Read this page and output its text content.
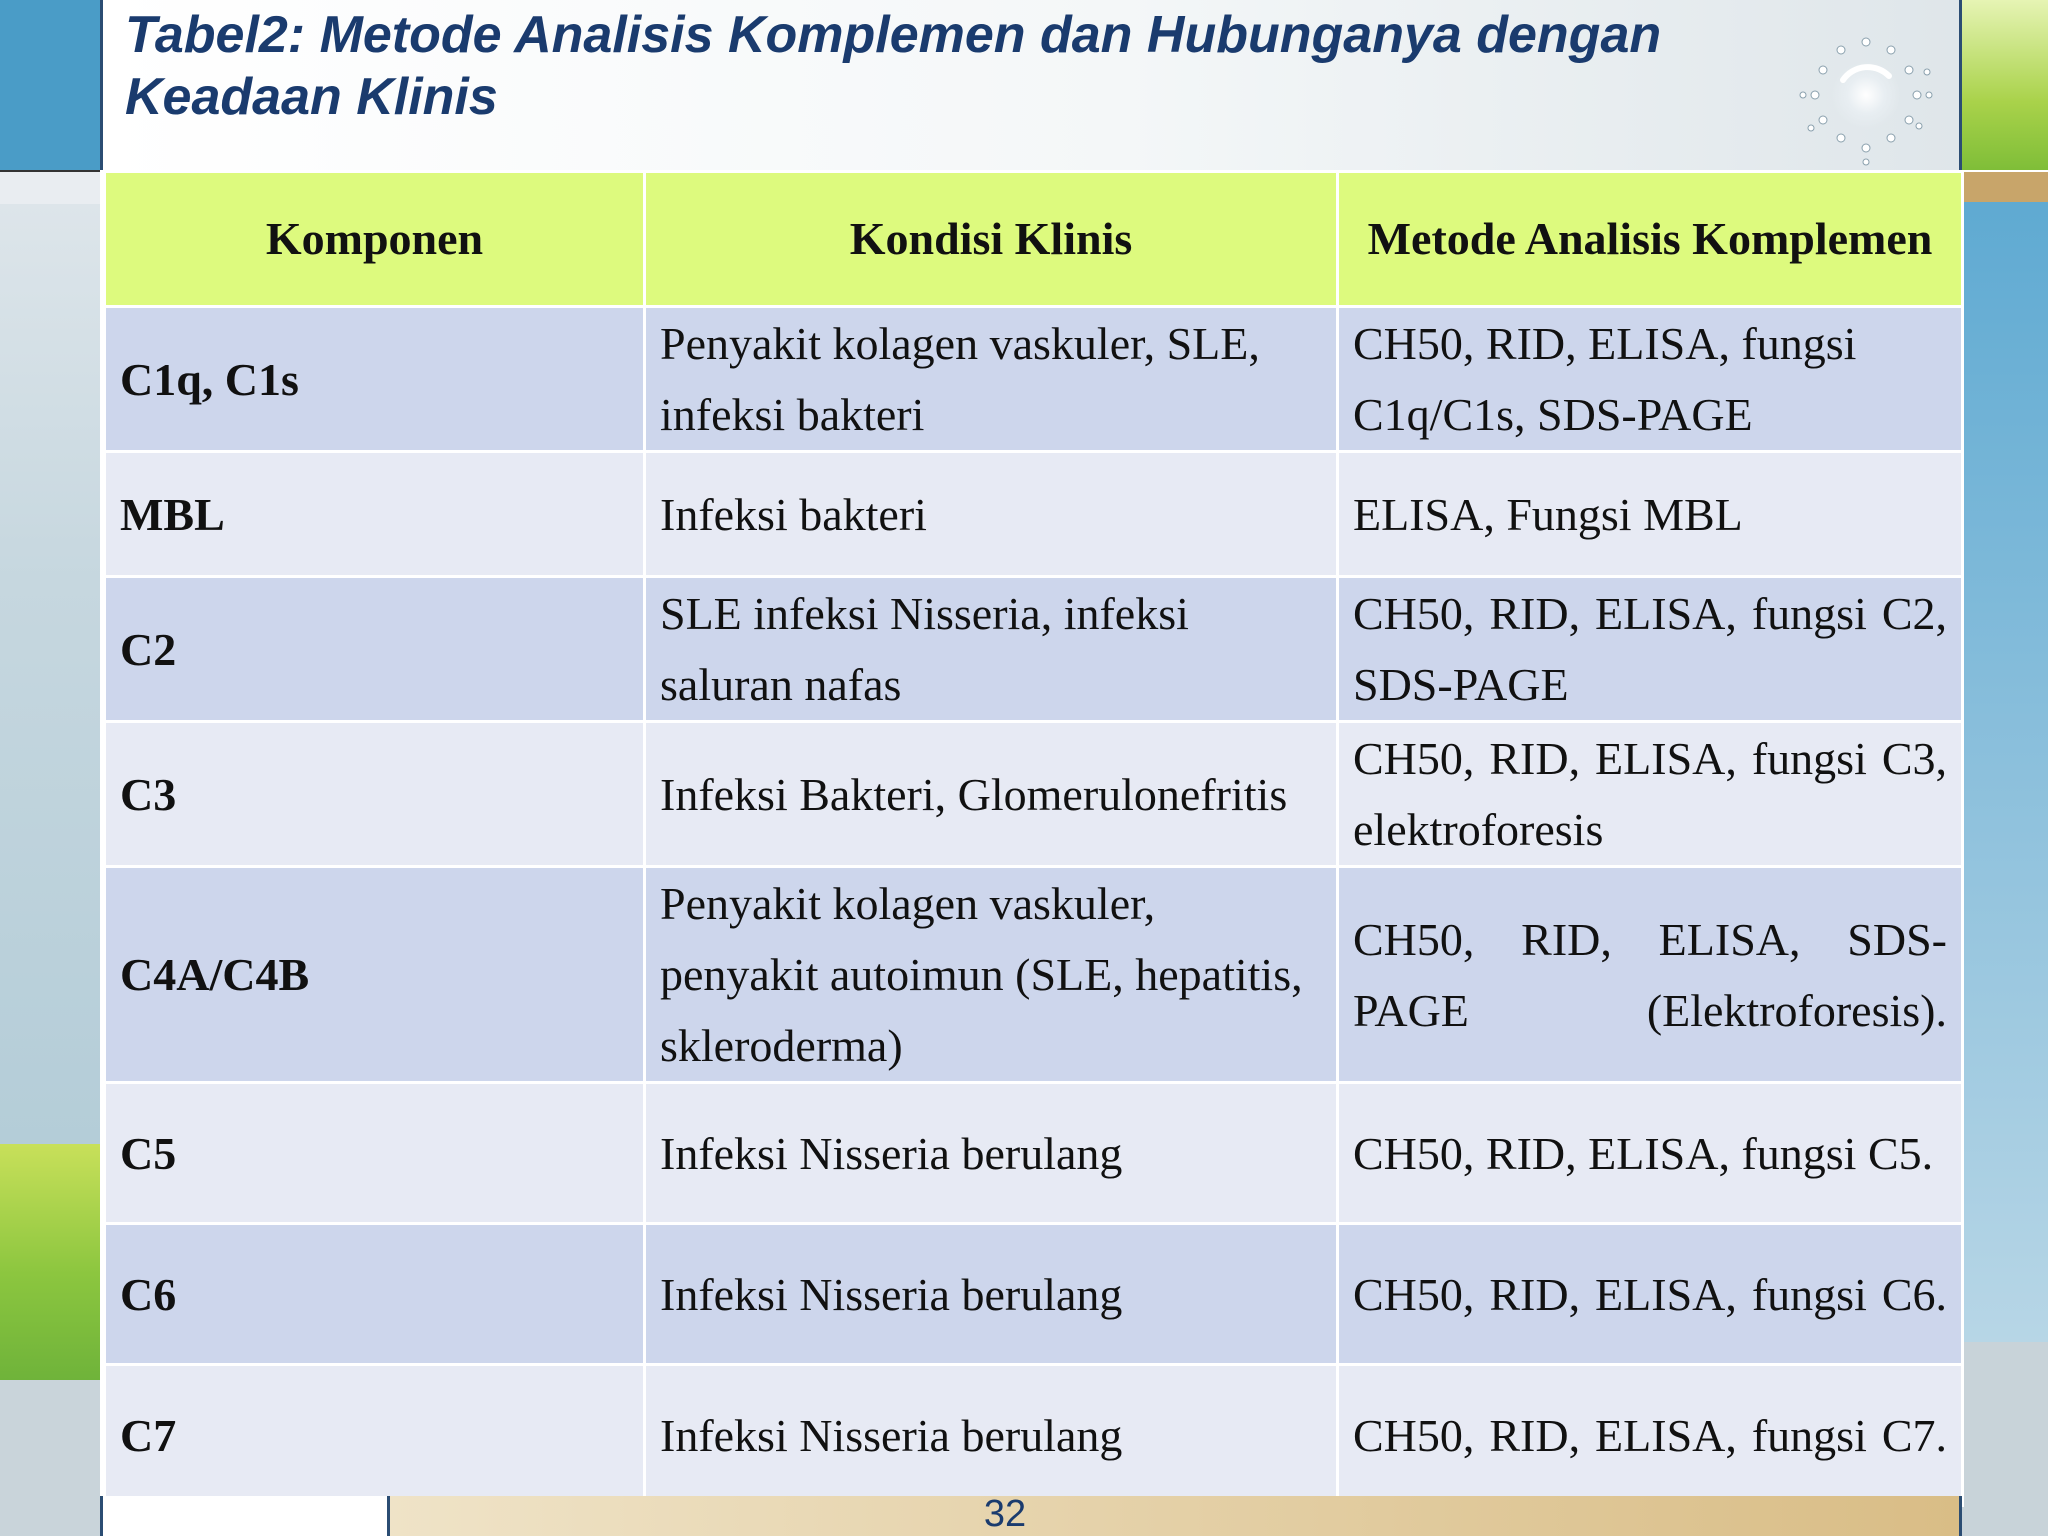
Tabel2: Metode Analisis Komplemen dan Hubunganya dengan Keadaan Klinis
Komponen	Kondisi Klinis	Metode Analisis Komplemen
C1q, C1s	Penyakit kolagen vaskuler, SLE, infeksi bakteri	CH50, RID, ELISA, fungsi C1q/C1s, SDS-PAGE
MBL	Infeksi bakteri	ELISA, Fungsi MBL
C2	SLE infeksi Nisseria, infeksi saluran nafas	CH50, RID, ELISA, fungsi C2, SDS-PAGE
C3	Infeksi Bakteri, Glomerulonefritis	CH50, RID, ELISA, fungsi C3, elektroforesis
C4A/C4B	Penyakit kolagen vaskuler, penyakit autoimun (SLE, hepatitis, skleroderma)	CH50, RID, ELISA, SDS-PAGE (Elektroforesis).
C5	Infeksi Nisseria berulang	CH50, RID, ELISA, fungsi C5.
C6	Infeksi Nisseria berulang	CH50, RID, ELISA, fungsi C6.
C7	Infeksi Nisseria berulang	CH50, RID, ELISA, fungsi C7.
32
